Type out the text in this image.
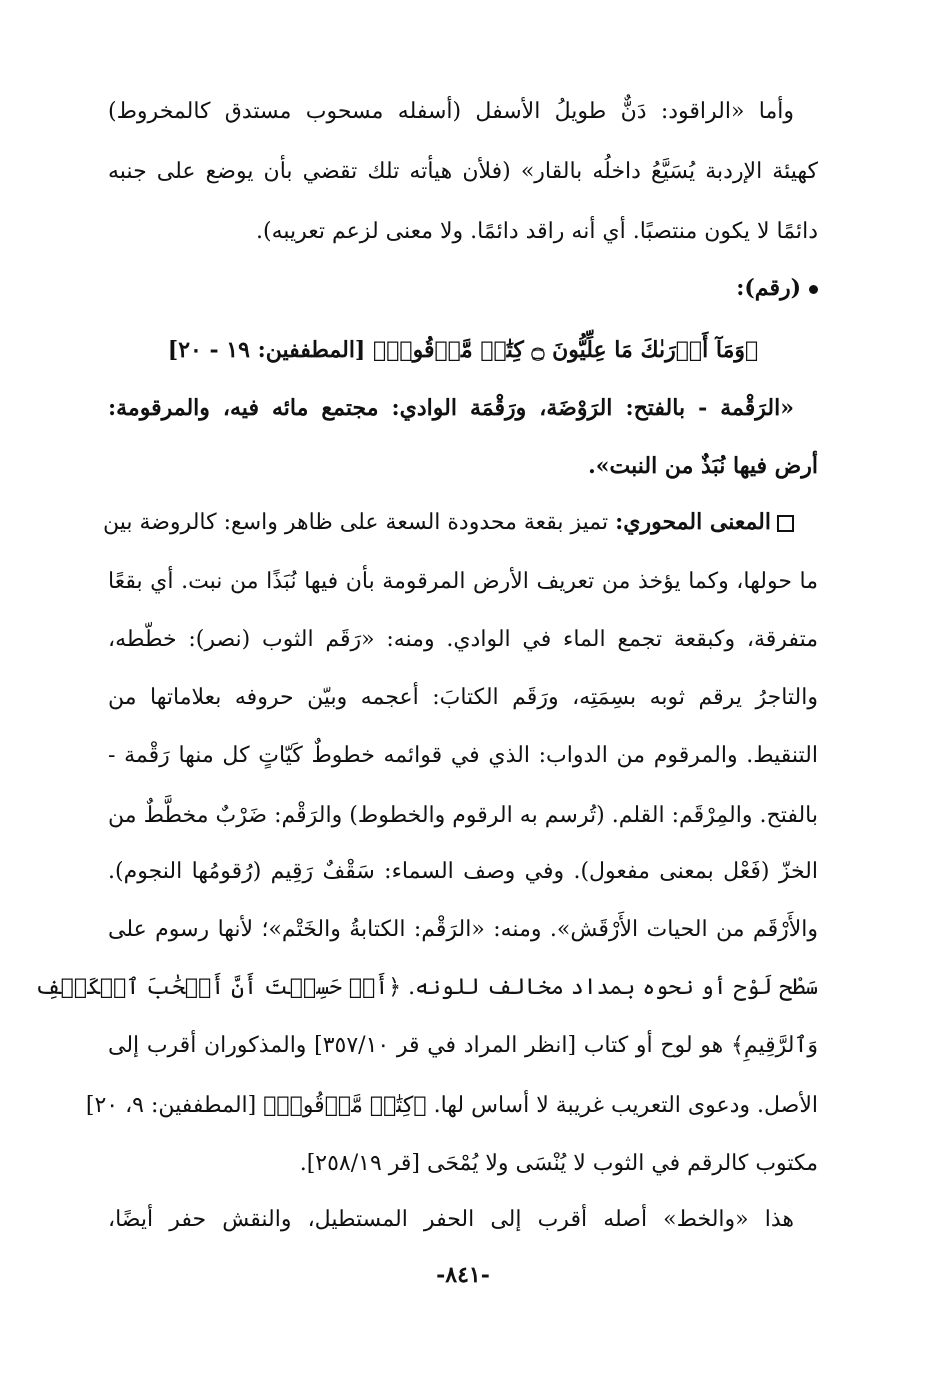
وأما «الراقود: دَنٌّ طويلُ الأسفل (أسفله مسحوب مستدق كالمخروط)
كهيئة الإردبة يُسَيَّعُ داخلُه بالقار» (فلأن هيأته تلك تقضي بأن يوضع على جنبه
دائمًا لا يكون منتصبًا. أي أنه راقد دائمًا. ولا معنى لزعم تعريبه).
(رقم):
﴿وَمَآ أَدۡرَىٰكَ مَا عِلِّيُّونَ ۝ كِتَٰبٞ مَّرۡقُومٞ﴾ [المطففين: ١٩ - ٢٠]
«الرَقْمة - بالفتح: الرَوْضَة، ورَقْمَة الوادي: مجتمع مائه فيه، والمرقومة:
أرض فيها نُبَذٌ من النبت».
المعنى المحوري: تميز بقعة محدودة السعة على ظاهر واسع: كالروضة بين
ما حولها، وكما يؤخذ من تعريف الأرض المرقومة بأن فيها نُبَذًا من نبت. أي بقعًا
متفرقة، وكبقعة تجمع الماء في الوادي. ومنه: «رَقَم الثوب (نصر): خطّطه،
والتاجرُ يرقم ثوبه بسِمَتِه، ورَقَم الكتابَ: أعجمه وبيّن حروفه بعلاماتها من
التنقيط. والمرقوم من الدواب: الذي في قوائمه خطوطٌ كَيّاتٍ كل منها رَقْمة -
بالفتح. والمِرْقَم: القلم. (تُرسم به الرقوم والخطوط) والرَقْم: ضَرْبٌ مخطَّطٌ من
الخزّ (فَعْل بمعنى مفعول). وفي وصف السماء: سَقْفٌ رَقِيم (رُقومُها النجوم).
والأَرْقَم من الحيات الأَرْقَش». ومنه: «الرَقْم: الكتابةُ والخَتْم»؛ لأنها رسوم على
سَطْح لَوْح أو نحوه بمداد مخالف للونه. ﴿أَمۡ حَسِبۡتَ أَنَّ أَصۡحَٰبَ ٱلۡكَهۡفِ
وَٱلرَّقِيمِ﴾ هو لوح أو كتاب [انظر المراد في قر ٣٥٧/١٠] والمذكوران أقرب إلى
الأصل. ودعوى التعريب غريبة لا أساس لها. ﴿كِتَٰبٞ مَّرۡقُومٞ﴾ [المطففين: ٩، ٢٠]
مكتوب كالرقم في الثوب لا يُنْسَى ولا يُمْحَى [قر ٢٥٨/١٩].
هذا «والخط» أصله أقرب إلى الحفر المستطيل، والنقش حفر أيضًا،
-٨٤١-
